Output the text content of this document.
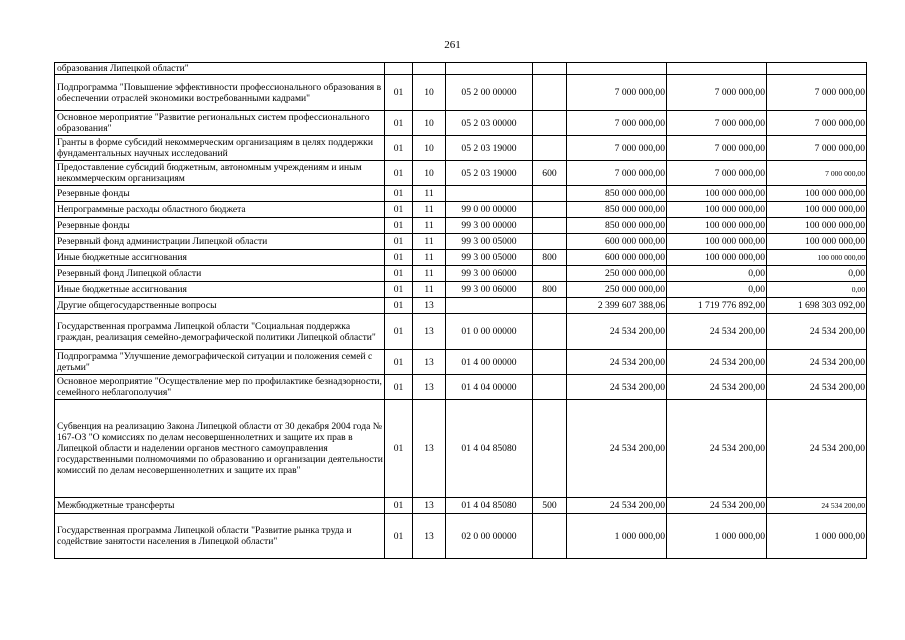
261
образования Липецкой области"							
Подпрограмма "Повышение эффективности профессионального образования в обеспечении отраслей экономики востребованными кадрами"	01	10	05 2 00 00000		7 000 000,00	7 000 000,00	7 000 000,00
Основное мероприятие "Развитие региональных систем профессионального образования"	01	10	05 2 03 00000		7 000 000,00	7 000 000,00	7 000 000,00
Гранты в форме субсидий некоммерческим организациям в целях поддержки фундаментальных научных исследований	01	10	05 2 03 19000		7 000 000,00	7 000 000,00	7 000 000,00
Предоставление субсидий бюджетным, автономным учреждениям и иным некоммерческим организациям	01	10	05 2 03 19000	600	7 000 000,00	7 000 000,00	7 000 000,00
Резервные фонды	01	11			850 000 000,00	100 000 000,00	100 000 000,00
Непрограммные расходы областного бюджета	01	11	99 0 00 00000		850 000 000,00	100 000 000,00	100 000 000,00
Резервные фонды	01	11	99 3 00 00000		850 000 000,00	100 000 000,00	100 000 000,00
Резервный фонд администрации Липецкой области	01	11	99 3 00 05000		600 000 000,00	100 000 000,00	100 000 000,00
Иные бюджетные ассигнования	01	11	99 3 00 05000	800	600 000 000,00	100 000 000,00	100 000 000,00
Резервный фонд Липецкой области	01	11	99 3 00 06000		250 000 000,00	0,00	0,00
Иные бюджетные ассигнования	01	11	99 3 00 06000	800	250 000 000,00	0,00	0,00
Другие общегосударственные вопросы	01	13			2 399 607 388,06	1 719 776 892,00	1 698 303 092,00
Государственная программа Липецкой области "Социальная поддержка граждан, реализация семейно-демографической политики Липецкой области"	01	13	01 0 00 00000		24 534 200,00	24 534 200,00	24 534 200,00
Подпрограмма "Улучшение демографической ситуации и положения семей с детьми"	01	13	01 4 00 00000		24 534 200,00	24 534 200,00	24 534 200,00
Основное мероприятие "Осуществление мер по профилактике безнадзорности, семейного неблагополучия"	01	13	01 4 04 00000		24 534 200,00	24 534 200,00	24 534 200,00
Субвенция на реализацию Закона Липецкой области от 30 декабря 2004 года № 167-ОЗ "О комиссиях по делам несовершеннолетних и защите их прав в Липецкой области и наделении органов местного самоуправления государственными полномочиями по образованию и организации деятельности комиссий по делам несовершеннолетних и защите их прав"	01	13	01 4 04 85080		24 534 200,00	24 534 200,00	24 534 200,00
Межбюджетные трансферты	01	13	01 4 04 85080	500	24 534 200,00	24 534 200,00	24 534 200,00
Государственная программа Липецкой области "Развитие рынка труда и содействие занятости населения в Липецкой области"	01	13	02 0 00 00000		1 000 000,00	1 000 000,00	1 000 000,00
